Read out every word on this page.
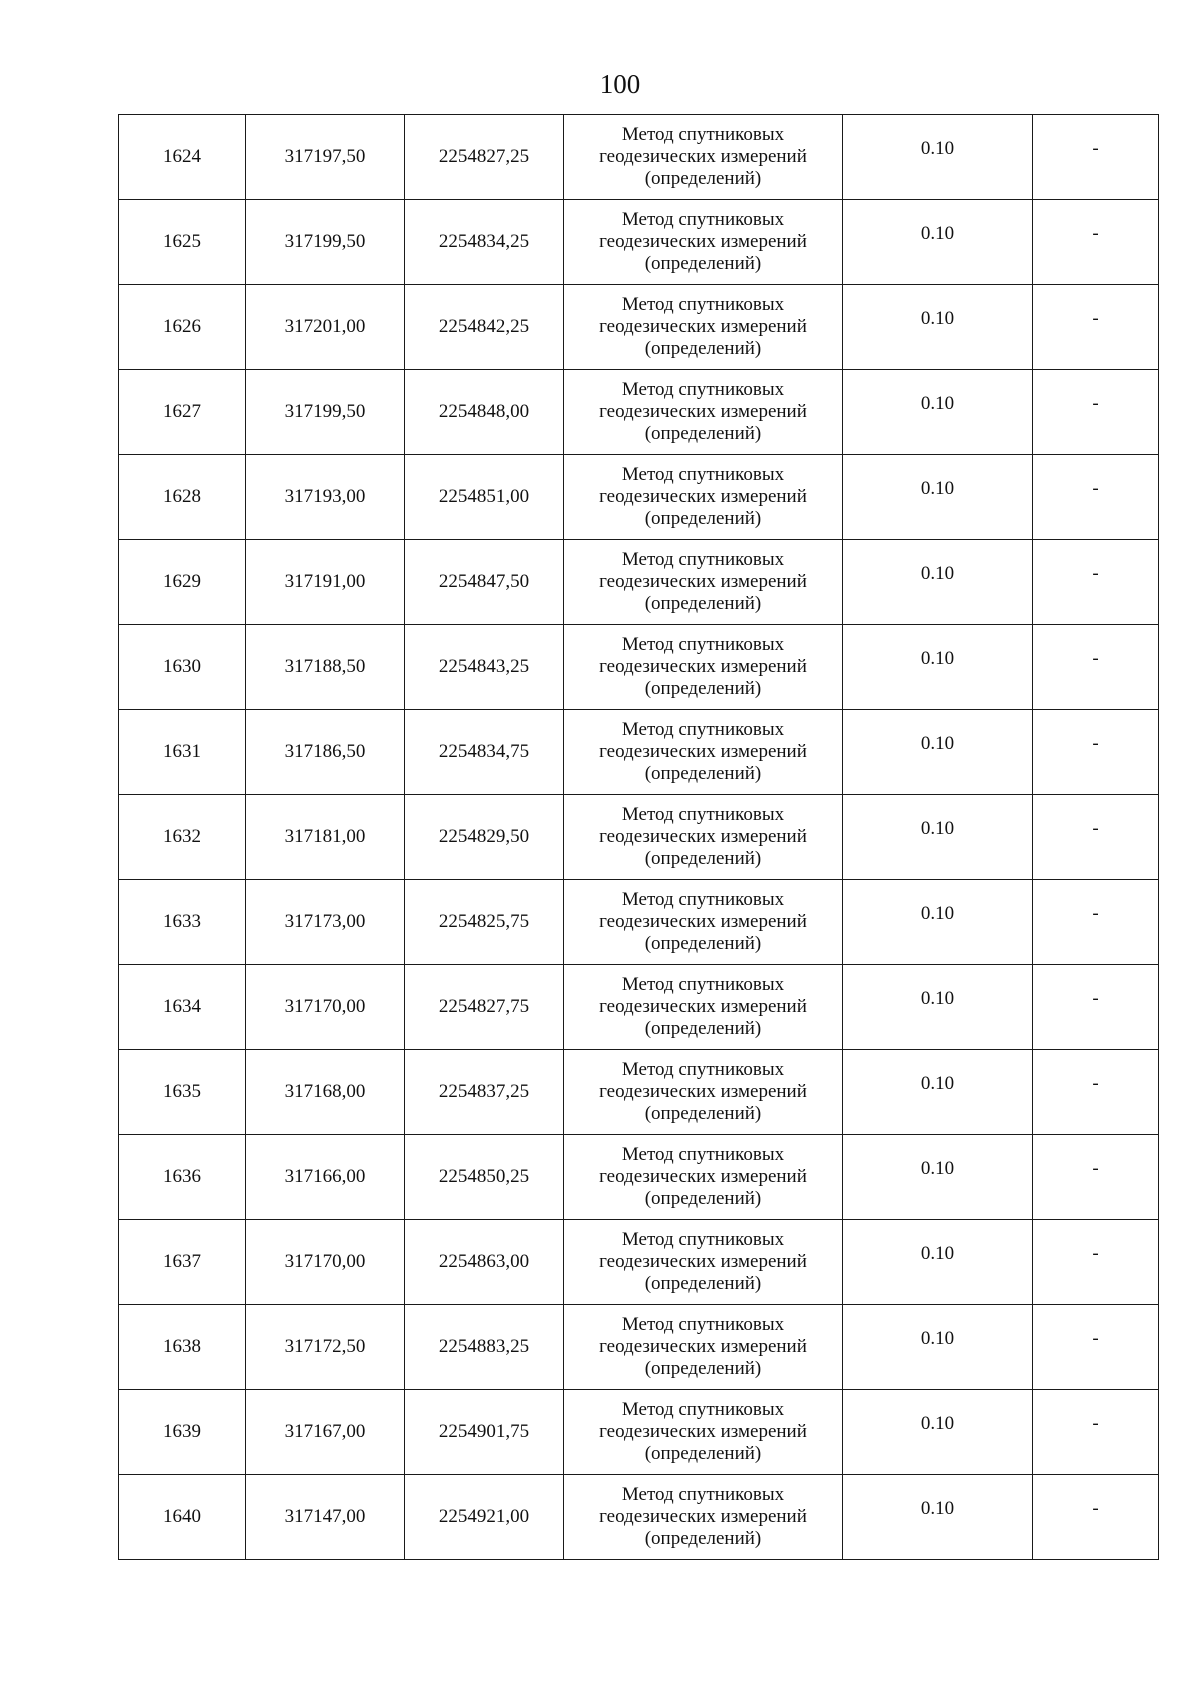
100
1624	317197,50	2254827,25	Метод спутниковых
геодезических измерений
(определений)	0.10	-
1625	317199,50	2254834,25	Метод спутниковых
геодезических измерений
(определений)	0.10	-
1626	317201,00	2254842,25	Метод спутниковых
геодезических измерений
(определений)	0.10	-
1627	317199,50	2254848,00	Метод спутниковых
геодезических измерений
(определений)	0.10	-
1628	317193,00	2254851,00	Метод спутниковых
геодезических измерений
(определений)	0.10	-
1629	317191,00	2254847,50	Метод спутниковых
геодезических измерений
(определений)	0.10	-
1630	317188,50	2254843,25	Метод спутниковых
геодезических измерений
(определений)	0.10	-
1631	317186,50	2254834,75	Метод спутниковых
геодезических измерений
(определений)	0.10	-
1632	317181,00	2254829,50	Метод спутниковых
геодезических измерений
(определений)	0.10	-
1633	317173,00	2254825,75	Метод спутниковых
геодезических измерений
(определений)	0.10	-
1634	317170,00	2254827,75	Метод спутниковых
геодезических измерений
(определений)	0.10	-
1635	317168,00	2254837,25	Метод спутниковых
геодезических измерений
(определений)	0.10	-
1636	317166,00	2254850,25	Метод спутниковых
геодезических измерений
(определений)	0.10	-
1637	317170,00	2254863,00	Метод спутниковых
геодезических измерений
(определений)	0.10	-
1638	317172,50	2254883,25	Метод спутниковых
геодезических измерений
(определений)	0.10	-
1639	317167,00	2254901,75	Метод спутниковых
геодезических измерений
(определений)	0.10	-
1640	317147,00	2254921,00	Метод спутниковых
геодезических измерений
(определений)	0.10	-
